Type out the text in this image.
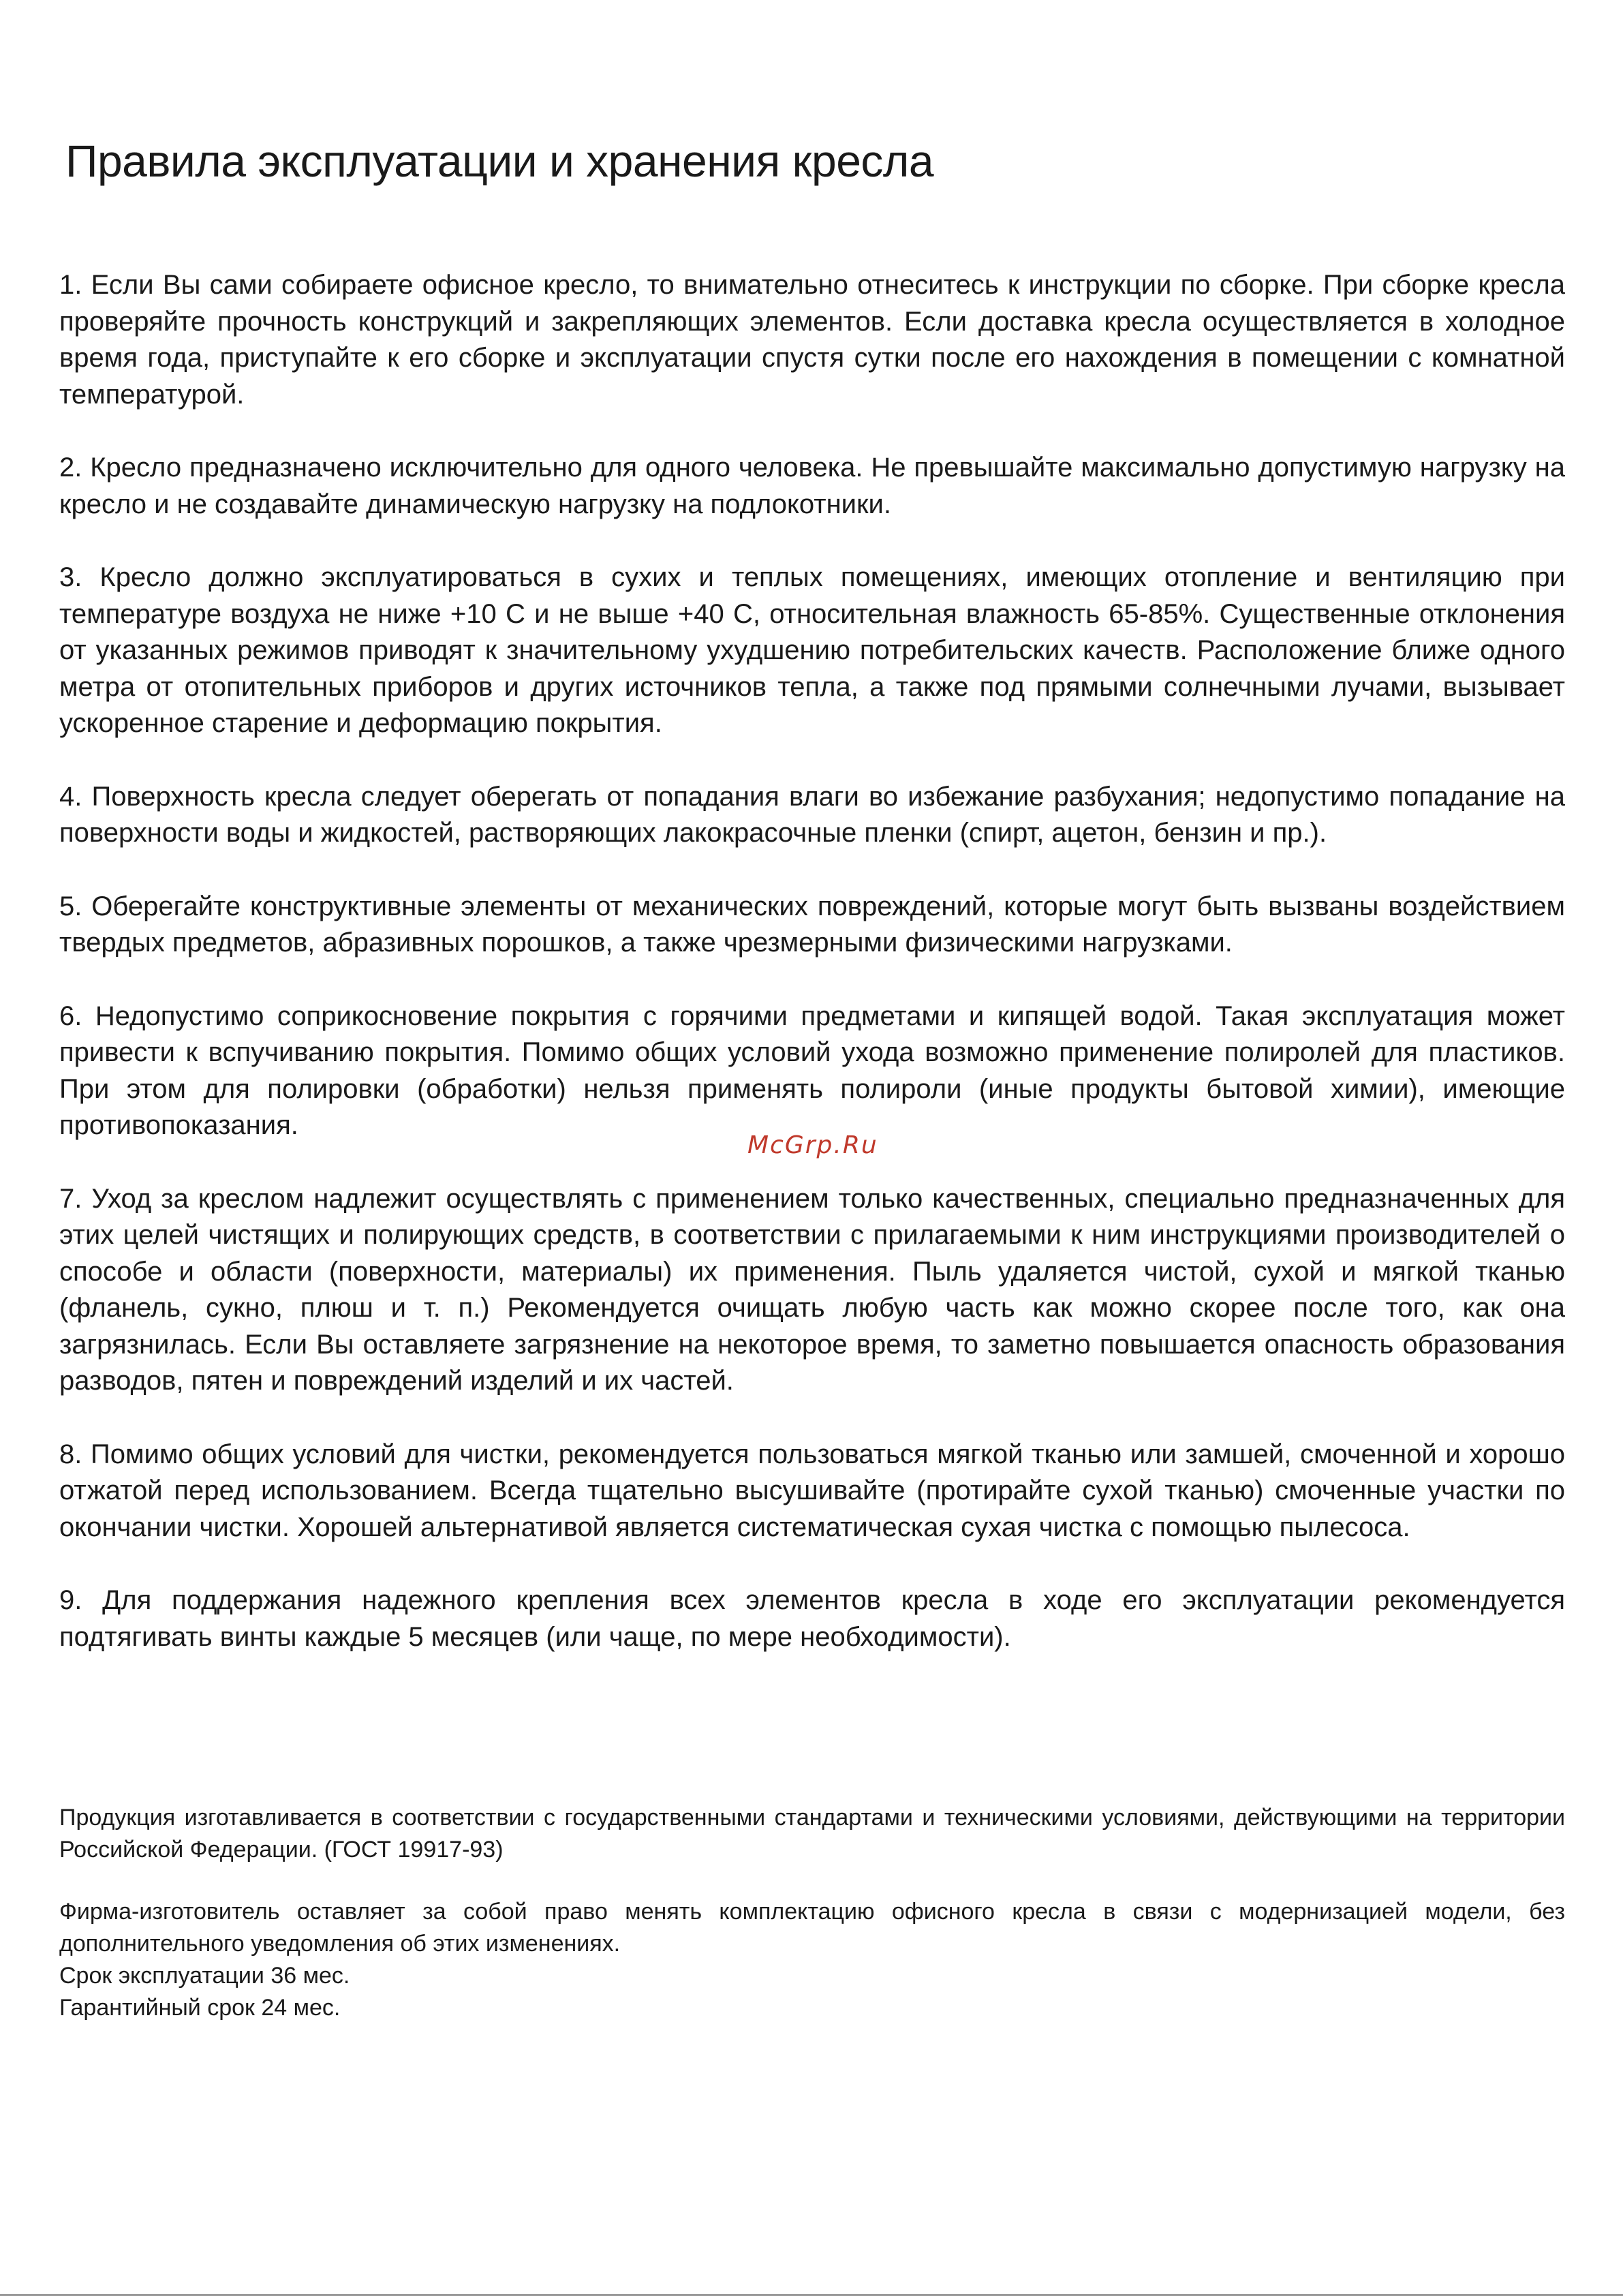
Правила эксплуатации и хранения кресла

1. Если Вы сами собираете офисное кресло, то внимательно отнеситесь к инструкции по сборке. При сборке кресла проверяйте прочность конструкций и закрепляющих элементов. Если доставка кресла осуществляется в холодное время года, приступайте к его сборке и эксплуатации спустя сутки после его нахождения в помещении с комнатной температурой.

2. Кресло предназначено исключительно для одного человека. Не превышайте максимально допустимую нагрузку на кресло и не создавайте динамическую нагрузку на подлокотники.

3. Кресло должно эксплуатироваться в сухих и теплых помещениях, имеющих отопление и вентиляцию при температуре воздуха не ниже +10 С и не выше +40 С, относительная влажность 65-85%. Существенные отклонения от указанных режимов приводят к значительному ухудшению потребительских качеств. Расположение ближе одного метра от отопительных приборов и других источников тепла, а также под прямыми солнечными лучами, вызывает ускоренное старение и деформацию покрытия.

4. Поверхность кресла следует оберегать от попадания влаги во избежание разбухания; недопустимо попадание на поверхности воды и жидкостей, растворяющих лакокрасочные пленки (спирт, ацетон, бензин и пр.).

5. Оберегайте конструктивные элементы от механических повреждений, которые могут быть вызваны воздействием твердых предметов, абразивных порошков, а также чрезмерными физическими нагрузками.

6. Недопустимо соприкосновение покрытия с горячими предметами и кипящей водой. Такая эксплуатация может привести к вспучиванию покрытия. Помимо общих условий ухода возможно применение полиролей для пластиков. При этом для полировки (обработки) нельзя применять полироли (иные продукты бытовой химии), имеющие противопоказания.

7. Уход за креслом надлежит осуществлять с применением только качественных, специально предназначенных для этих целей чистящих и полирующих средств, в соответствии с прилагаемыми к ним инструкциями производителей о способе и области (поверхности, материалы) их применения. Пыль удаляется чистой, сухой и мягкой тканью (фланель, сукно, плюш и т. п.) Рекомендуется очищать любую часть как можно скорее после того, как она загрязнилась. Если Вы оставляете загрязнение на некоторое время, то заметно повышается опасность образования разводов, пятен и повреждений изделий и их частей.

8. Помимо общих условий для чистки, рекомендуется пользоваться мягкой тканью или замшей, смоченной и хорошо отжатой перед использованием. Всегда тщательно высушивайте (протирайте сухой тканью) смоченные участки по окончании чистки. Хорошей альтернативой является систематическая сухая чистка с помощью пылесоса.

9. Для поддержания надежного крепления всех элементов кресла в ходе его эксплуатации рекомендуется подтягивать винты каждые 5 месяцев (или чаще, по мере необходимости).

McGrp.Ru

Продукция изготавливается в соответствии с государственными стандартами и техническими условиями, действующими на территории Российской Федерации. (ГОСТ 19917-93)

Фирма-изготовитель оставляет за собой право менять комплектацию офисного кресла в связи с модернизацией модели, без дополнительного уведомления об этих изменениях.

Срок эксплуатации 36 мес.

Гарантийный срок 24 мес.
